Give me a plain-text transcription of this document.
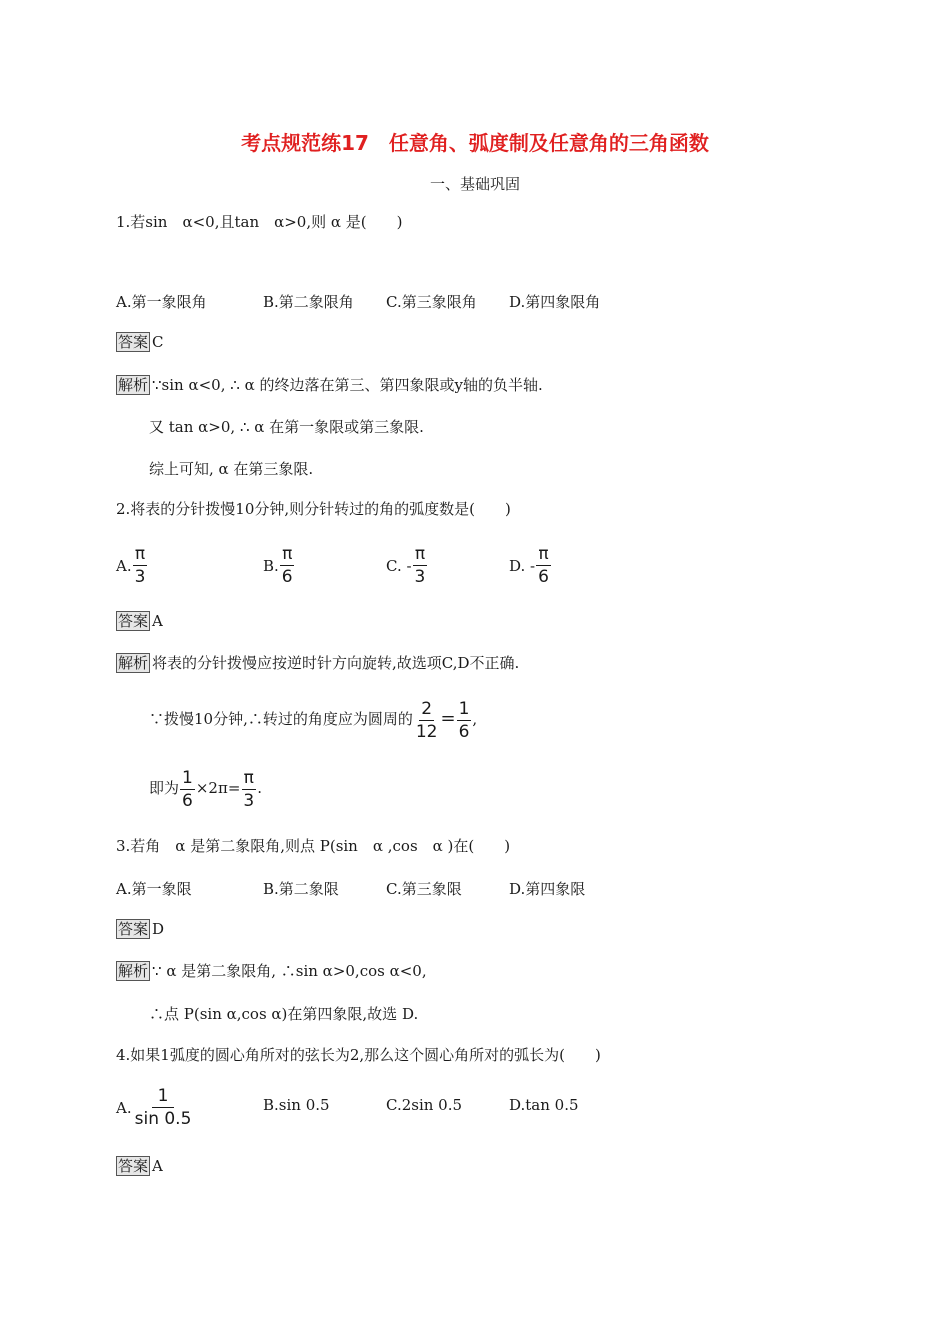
考点规范练17　任意角、弧度制及任意角的三角函数
一、基础巩固
1.若sin　α<0,且tan　α>0,则 α 是(　　)
A.第一象限角	B.第二象限角 C.第三象限角 D.第四象限角
答案 C
解析 ∵sin α<0, ∴ α 的终边落在第三、第四象限或y轴的负半轴.
又 tan α>0, ∴ α 在第一象限或第三象限.
综上可知, α 在第三象限.
2.将表的分针拨慢10分钟,则分针转过的角的弧度数是(　　)
A. $\frac{\pi}{3}$	B. $\frac{\pi}{6}$	C. - $\frac{\pi}{3}$	D. - $\frac{\pi}{6}$
答案 A
解析 将表的分针拨慢应按逆时针方向旋转,故选项C,D不正确.
∵拨慢10分钟,∴转过的角度应为圆周的 $\frac{2}{12} = \frac{1}{6}$ ,
即为 $\frac{1}{6} \times 2\pi= \frac{\pi}{3}$ .
3.若角　α 是第二象限角,则点 P(sin　α ,cos　α )在(　　)
A.第一象限	B.第二象限	C.第三象限	D.第四象限
答案 D
解析 ∵ α 是第二象限角, ∴sin α>0,cos α<0,
∴点 P(sin α,cos α)在第四象限,故选 D.
4.如果1弧度的圆心角所对的弦长为2,那么这个圆心角所对的弧长为(　　)
A. $\frac{1}{\sin 0.5}$	B.sin 0.5	C.2sin 0.5	D.tan 0.5
答案 A
